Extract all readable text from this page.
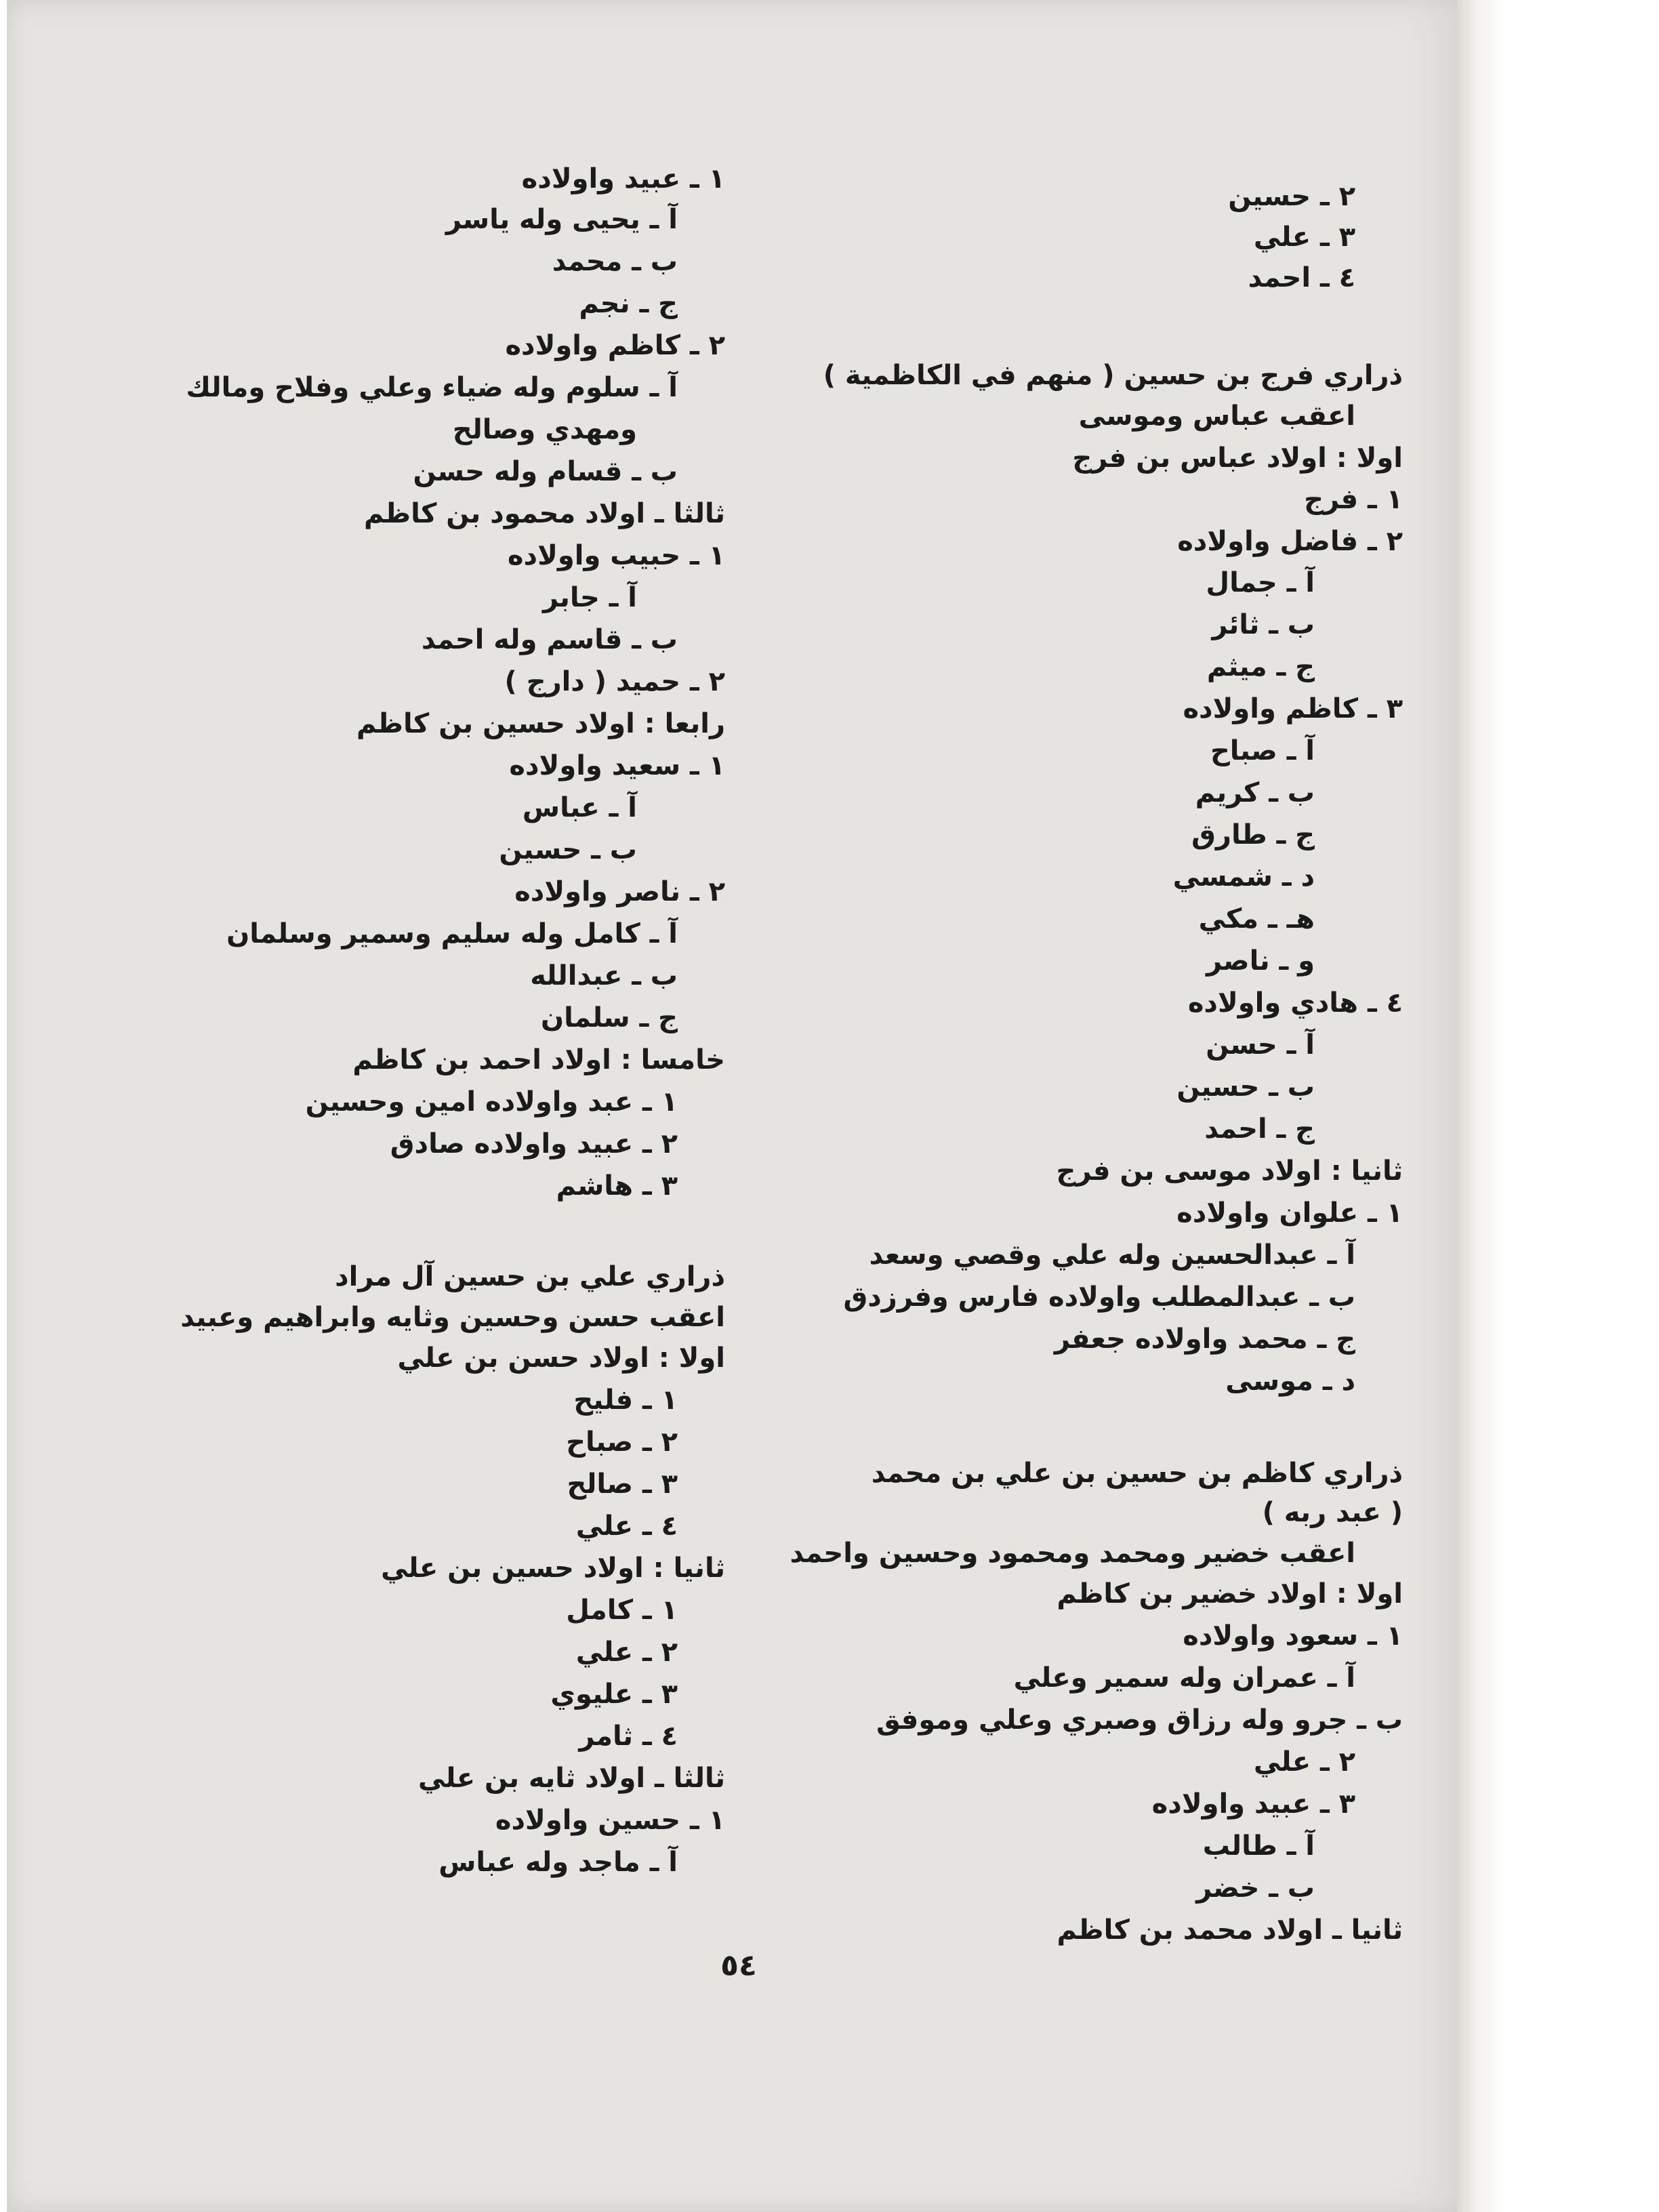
٢ ـ حسين
٣ ـ علي
٤ ـ احمد
ذراري فرج بن حسين ( منهم في الكاظمية )
اعقب عباس وموسى
اولا : اولاد عباس بن فرج
١ ـ فرج
٢ ـ فاضل واولاده
آ ـ جمال
ب ـ ثائر
ج ـ ميثم
٣ ـ كاظم واولاده
آ ـ صباح
ب ـ كريم
ج ـ طارق
د ـ شمسي
هـ ـ مكي
و ـ ناصر
٤ ـ هادي واولاده
آ ـ حسن
ب ـ حسين
ج ـ احمد
ثانيا : اولاد موسى بن فرج
١ ـ علوان واولاده
آ ـ عبدالحسين وله علي وقصي وسعد
ب ـ عبدالمطلب واولاده فارس وفرزدق
ج ـ محمد واولاده جعفر
د ـ موسى
ذراري كاظم بن حسين بن علي بن محمد
( عبد ربه )
اعقب خضير ومحمد ومحمود وحسين واحمد
اولا : اولاد خضير بن كاظم
١ ـ سعود واولاده
آ ـ عمران وله سمير وعلي
ب ـ جرو وله رزاق وصبري وعلي وموفق
٢ ـ علي
٣ ـ عبيد واولاده
آ ـ طالب
ب ـ خضر
ثانيا ـ اولاد محمد بن كاظم
١ ـ عبيد واولاده
آ ـ يحيى وله ياسر
ب ـ محمد
ج ـ نجم
٢ ـ كاظم واولاده
آ ـ سلوم وله ضياء وعلي وفلاح ومالك
ومهدي وصالح
ب ـ قسام وله حسن
ثالثا ـ اولاد محمود بن كاظم
١ ـ حبيب واولاده
آ ـ جابر
ب ـ قاسم وله احمد
٢ ـ حميد ( دارج )
رابعا : اولاد حسين بن كاظم
١ ـ سعيد واولاده
آ ـ عباس
ب ـ حسين
٢ ـ ناصر واولاده
آ ـ كامل وله سليم وسمير وسلمان
ب ـ عبدالله
ج ـ سلمان
خامسا : اولاد احمد بن كاظم
١ ـ عبد واولاده امين وحسين
٢ ـ عبيد واولاده صادق
٣ ـ هاشم
ذراري علي بن حسين آل مراد
اعقب حسن وحسين وثايه وابراهيم وعبيد
اولا : اولاد حسن بن علي
١ ـ فليح
٢ ـ صباح
٣ ـ صالح
٤ ـ علي
ثانيا : اولاد حسين بن علي
١ ـ كامل
٢ ـ علي
٣ ـ عليوي
٤ ـ ثامر
ثالثا ـ اولاد ثايه بن علي
١ ـ حسين واولاده
آ ـ ماجد وله عباس
٥٤
